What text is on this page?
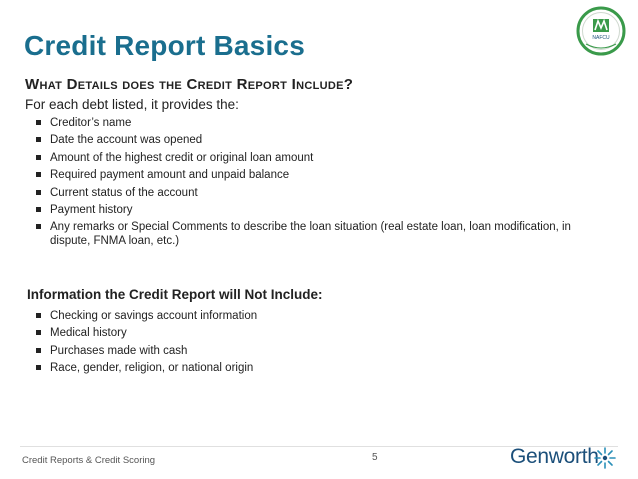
NAFCU
Credit Report Basics
What Details does the Credit Report Include?
For each debt listed, it provides the:
Creditor’s name
Date the account was opened
Amount of the highest credit or original loan amount
Required payment amount and unpaid balance
Current status of the account
Payment history
Any remarks or Special Comments to describe the loan situation (real estate loan, loan modification, in dispute, FNMA loan, etc.)
Information the Credit Report will Not Include:
Checking or savings account information
Medical history
Purchases made with cash
Race, gender, religion, or national origin
Credit Reports & Credit Scoring	5	Genworth
